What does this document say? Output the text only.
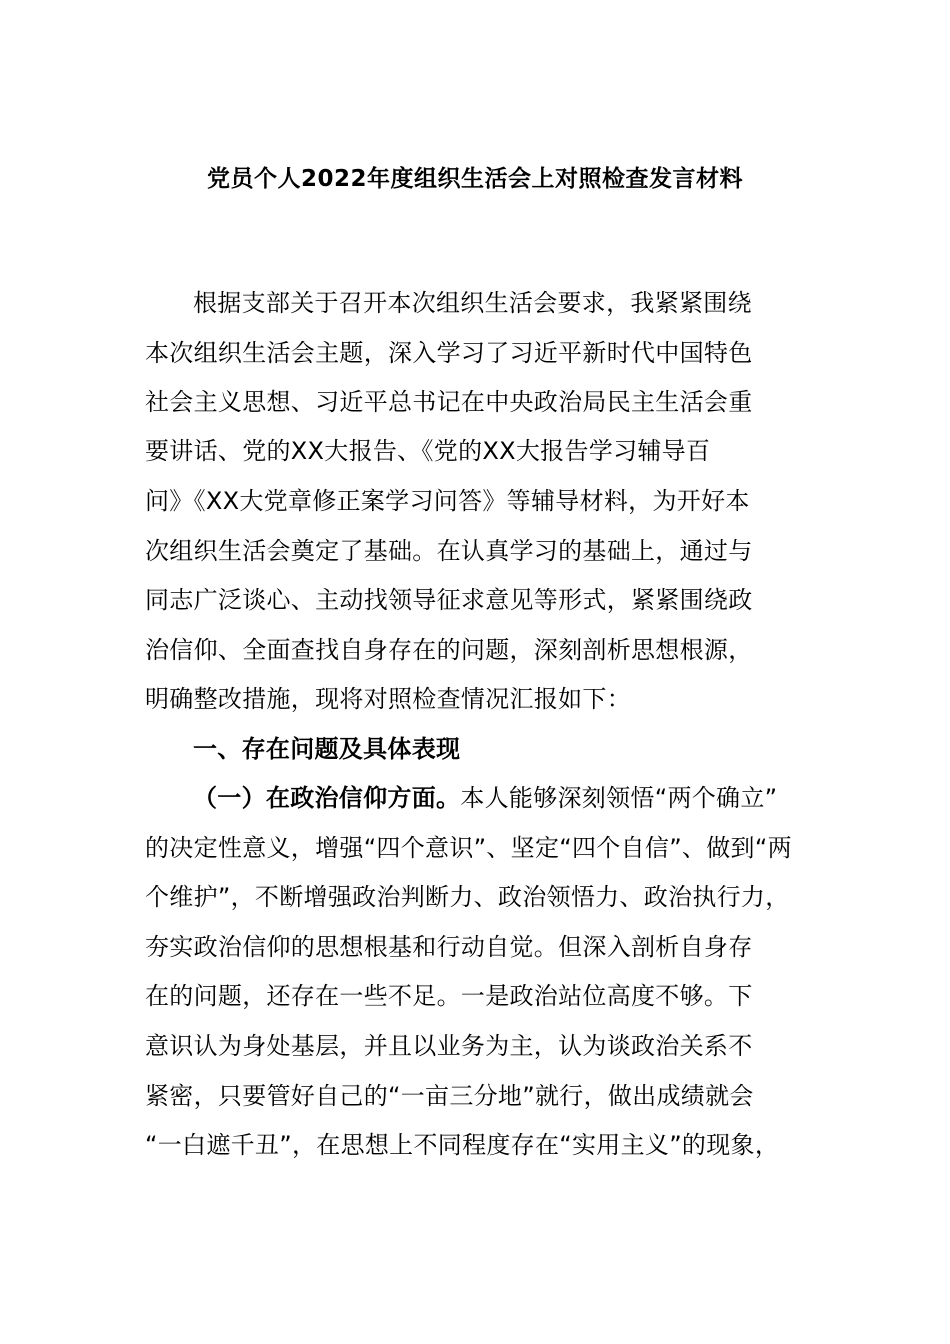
党员个人2022年度组织生活会上对照检查发言材料
根据支部关于召开本次组织生活会要求，我紧紧围绕
本次组织生活会主题，深入学习了习近平新时代中国特色
社会主义思想、习近平总书记在中央政治局民主生活会重
要讲话、党的XX大报告、《党的XX大报告学习辅导百
问》《XX大党章修正案学习问答》等辅导材料，为开好本
次组织生活会奠定了基础。在认真学习的基础上，通过与
同志广泛谈心、主动找领导征求意见等形式，紧紧围绕政
治信仰、全面查找自身存在的问题，深刻剖析思想根源，
明确整改措施，现将对照检查情况汇报如下：
一、存在问题及具体表现
（一）在政治信仰方面。本人能够深刻领悟“两个确立”
的决定性意义，增强“四个意识”、坚定“四个自信”、做到“两
个维护”，不断增强政治判断力、政治领悟力、政治执行力，
夯实政治信仰的思想根基和行动自觉。但深入剖析自身存
在的问题，还存在一些不足。一是政治站位高度不够。下
意识认为身处基层，并且以业务为主，认为谈政治关系不
紧密，只要管好自己的“一亩三分地”就行，做出成绩就会
“一白遮千丑”，在思想上不同程度存在“实用主义”的现象，
